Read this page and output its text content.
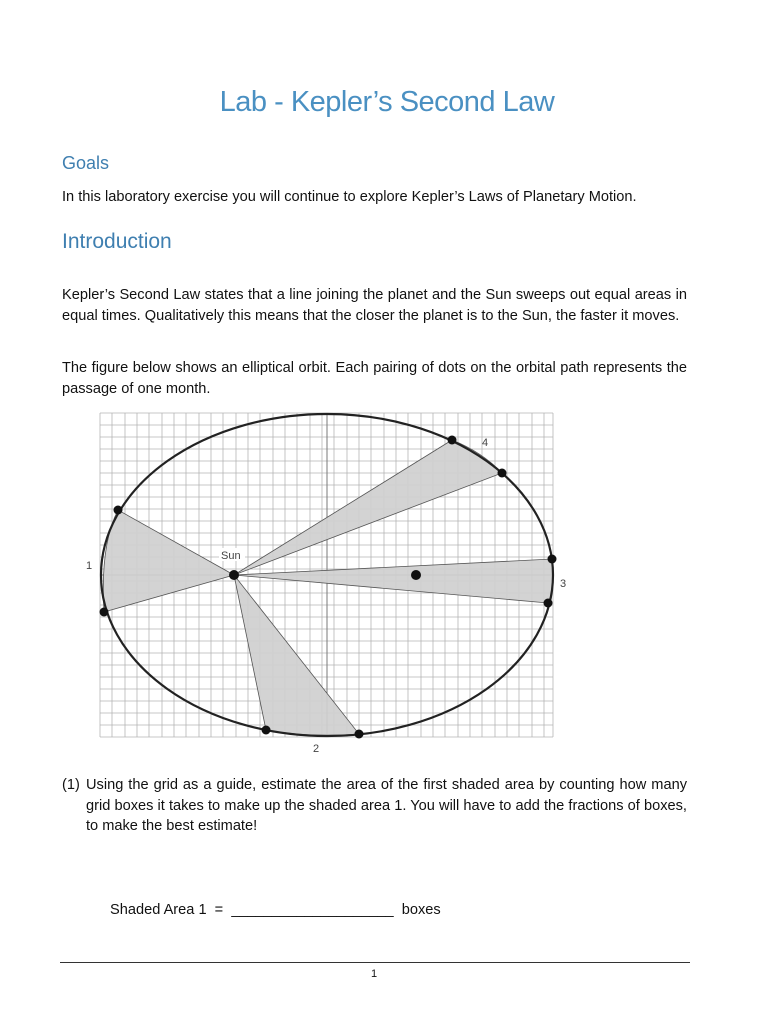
Lab - Kepler’s Second Law
Goals

In this laboratory exercise you will continue to explore Kepler’s Laws of Planetary Motion.

Introduction

Kepler’s Second Law states that a line joining the planet and the Sun sweeps out equal areas in equal times. Qualitatively this means that the closer the planet is to the Sun, the faster it moves.

The figure below shows an elliptical orbit. Each pairing of dots on the orbital path represents the passage of one month.

Sun
1
2
3
4
(1) Using the grid as a guide, estimate the area of the first shaded area by counting how many grid boxes it takes to make up the shaded area 1. You will have to add the fractions of boxes, to make the best estimate!
Shaded Area 1  = ____________________ boxes
1
